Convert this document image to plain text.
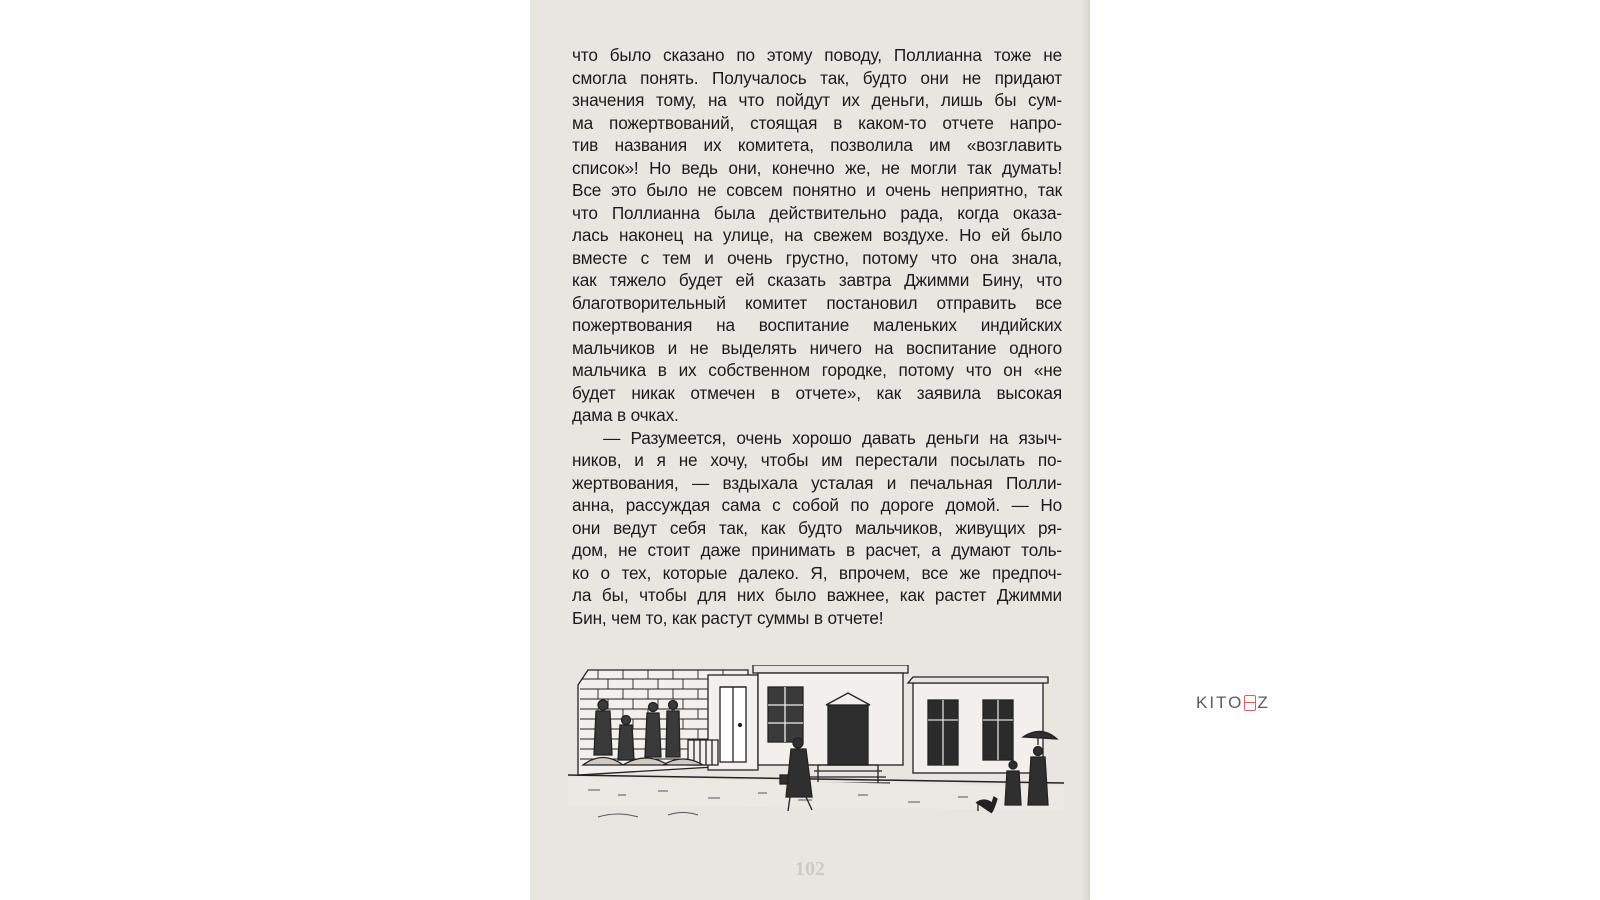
что было сказано по этому поводу, Поллианна тоже не
смогла понять. Получалось так, будто они не придают
значения тому, на что пойдут их деньги, лишь бы сум-
ма пожертвований, стоящая в каком-то отчете напро-
тив названия их комитета, позволила им «возглавить
список»! Но ведь они, конечно же, не могли так думать!
Все это было не совсем понятно и очень неприятно, так
что Поллианна была действительно рада, когда оказа-
лась наконец на улице, на свежем воздухе. Но ей было
вместе с тем и очень грустно, потому что она знала,
как тяжело будет ей сказать завтра Джимми Бину, что
благотворительный комитет постановил отправить все
пожертвования на воспитание маленьких индийских
мальчиков и не выделять ничего на воспитание одного
мальчика в их собственном городке, потому что он «не
будет никак отмечен в отчете», как заявила высокая
дама в очках.
— Разумеется, очень хорошо давать деньги на языч-
ников, и я не хочу, чтобы им перестали посылать по-
жертвования, — вздыхала усталая и печальная Полли-
анна, рассуждая сама с собой по дороге домой. — Но
они ведут себя так, как будто мальчиков, живущих ря-
дом, не стоит даже принимать в расчет, а думают толь-
ко о тех, которые далеко. Я, впрочем, все же предпоч-
ла бы, чтобы для них было важнее, как растет Джимми
Бин, чем то, как растут суммы в отчете!
102
KITO Z
